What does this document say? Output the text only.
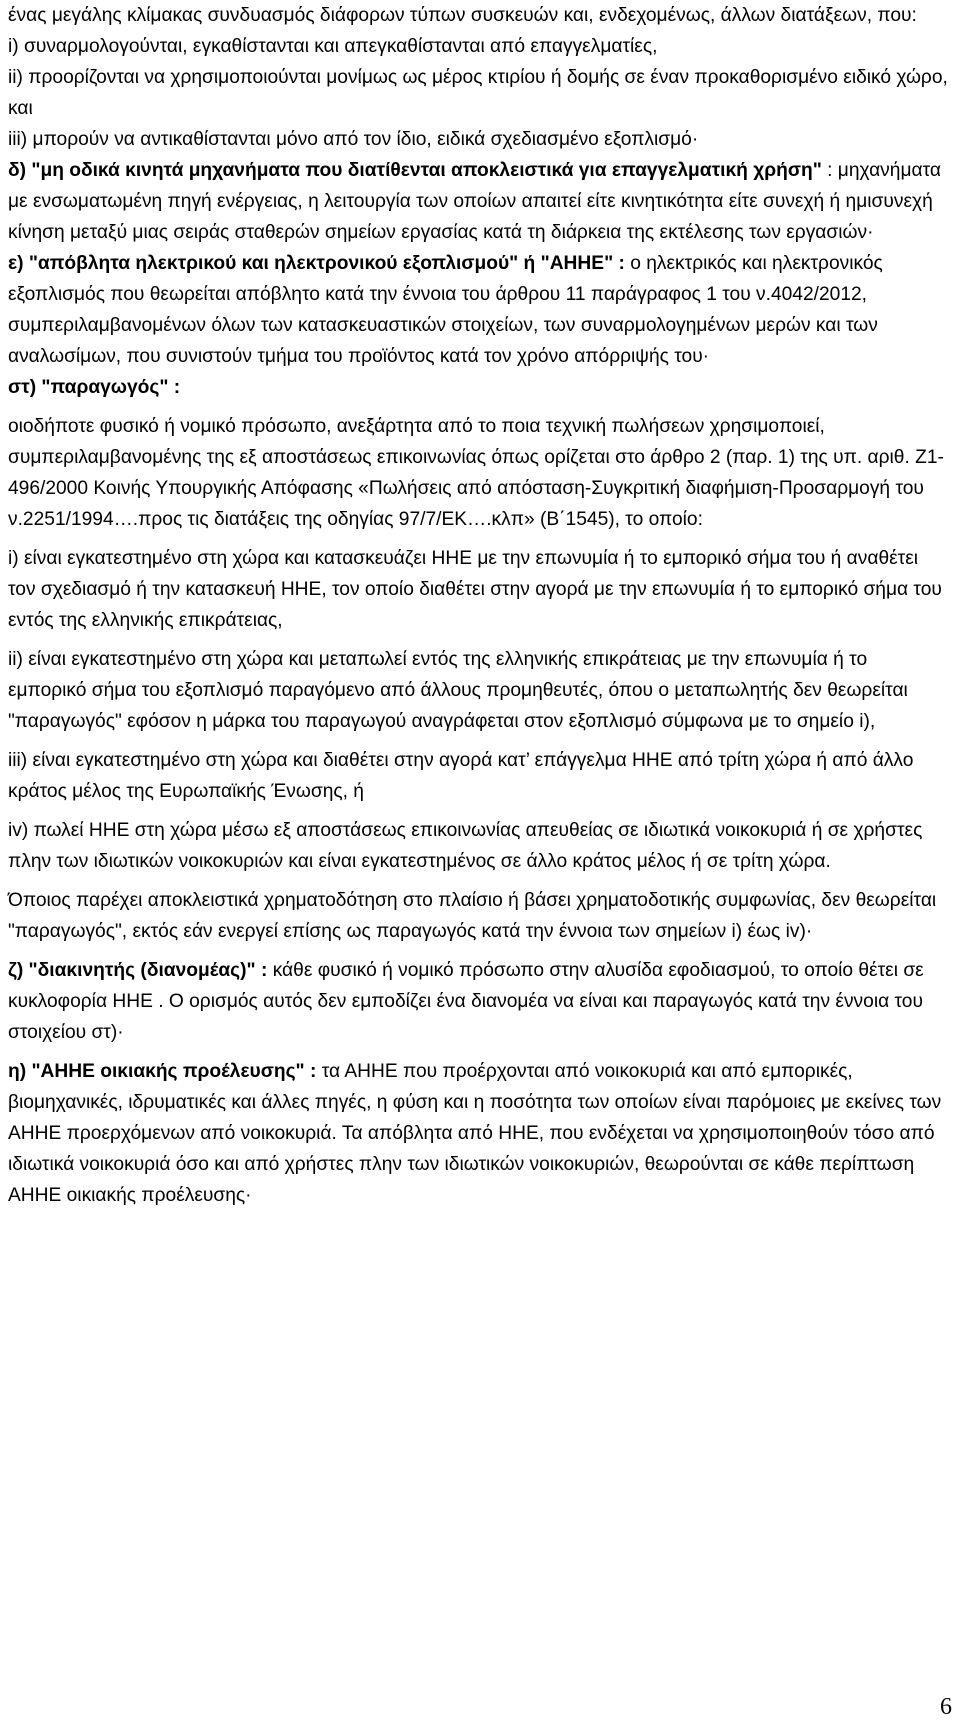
ένας μεγάλης κλίμακας συνδυασμός διάφορων τύπων συσκευών και, ενδεχομένως, άλλων διατάξεων, που:

i) συναρμολογούνται, εγκαθίστανται και απεγκαθίστανται από επαγγελματίες,

ii) προορίζονται να χρησιμοποιούνται μονίμως ως μέρος κτιρίου ή δομής σε έναν προκαθορισμένο ειδικό χώρο, και

iii) μπορούν να αντικαθίστανται μόνο από τον ίδιο, ειδικά σχεδιασμένο εξοπλισμό·

δ) "μη οδικά κινητά μηχανήματα που διατίθενται αποκλειστικά για επαγγελματική χρήση" : μηχανήματα με ενσωματωμένη πηγή ενέργειας, η λειτουργία των οποίων απαιτεί είτε κινητικότητα είτε συνεχή ή ημισυνεχή κίνηση μεταξύ μιας σειράς σταθερών σημείων εργασίας κατά τη διάρκεια της εκτέλεσης των εργασιών·

ε) "απόβλητα ηλεκτρικού και ηλεκτρονικού εξοπλισμού" ή "ΑΗΗΕ" : ο ηλεκτρικός και ηλεκτρονικός εξοπλισμός που θεωρείται απόβλητο κατά την έννοια του άρθρου 11 παράγραφος 1 του ν.4042/2012, συμπεριλαμβανομένων όλων των κατασκευαστικών στοιχείων, των συναρμολογημένων μερών και των αναλωσίμων, που συνιστούν τμήμα του προϊόντος κατά τον χρόνο απόρριψής του·

στ) "παραγωγός" :

οιοδήποτε φυσικό ή νομικό πρόσωπο, ανεξάρτητα από το ποια τεχνική πωλήσεων χρησιμοποιεί, συμπεριλαμβανομένης της εξ αποστάσεως επικοινωνίας όπως ορίζεται στο άρθρο 2 (παρ. 1) της υπ. αριθ. Ζ1-496/2000 Κοινής Υπουργικής Απόφασης «Πωλήσεις από απόσταση-Συγκριτική διαφήμιση-Προσαρμογή του ν.2251/1994….προς τις διατάξεις της οδηγίας 97/7/ΕΚ….κλπ» (Β΄1545), το οποίο:

i) είναι εγκατεστημένο στη χώρα και κατασκευάζει ΗΗΕ με την επωνυμία ή το εμπορικό σήμα του ή αναθέτει τον σχεδιασμό ή την κατασκευή ΗΗΕ, τον οποίο διαθέτει στην αγορά με την επωνυμία ή το εμπορικό σήμα του εντός της ελληνικής επικράτειας,

ii) είναι εγκατεστημένο στη χώρα και μεταπωλεί εντός της ελληνικής επικράτειας με την επωνυμία ή το εμπορικό σήμα του εξοπλισμό παραγόμενο από άλλους προμηθευτές, όπου ο μεταπωλητής δεν θεωρείται "παραγωγός" εφόσον η μάρκα του παραγωγού αναγράφεται στον εξοπλισμό σύμφωνα με το σημείο i),

iii) είναι εγκατεστημένο στη χώρα και διαθέτει στην αγορά κατ’ επάγγελμα ΗΗΕ από τρίτη χώρα ή από άλλο κράτος μέλος της Ευρωπαϊκής Ένωσης, ή

iv) πωλεί ΗΗΕ στη χώρα μέσω εξ αποστάσεως επικοινωνίας απευθείας σε ιδιωτικά νοικοκυριά ή σε χρήστες πλην των ιδιωτικών νοικοκυριών και είναι εγκατεστημένος σε άλλο κράτος μέλος ή σε τρίτη χώρα.

Όποιος παρέχει αποκλειστικά χρηματοδότηση στο πλαίσιο ή βάσει χρηματοδοτικής συμφωνίας, δεν θεωρείται "παραγωγός", εκτός εάν ενεργεί επίσης ως παραγωγός κατά την έννοια των σημείων i) έως iv)·

ζ) "διακινητής (διανομέας)" : κάθε φυσικό ή νομικό πρόσωπο στην αλυσίδα εφοδιασμού, το οποίο θέτει σε κυκλοφορία ΗΗΕ . Ο ορισμός αυτός δεν εμποδίζει ένα διανομέα να είναι και παραγωγός κατά την έννοια του στοιχείου στ)·

η) "ΑΗΗΕ οικιακής προέλευσης" : τα ΑΗΗΕ που προέρχονται από νοικοκυριά και από εμπορικές, βιομηχανικές, ιδρυματικές και άλλες πηγές, η φύση και η ποσότητα των οποίων είναι παρόμοιες με εκείνες των ΑΗΗΕ προερχόμενων από νοικοκυριά. Τα απόβλητα από ΗΗΕ, που ενδέχεται να χρησιμοποιηθούν τόσο από ιδιωτικά νοικοκυριά όσο και από χρήστες πλην των ιδιωτικών νοικοκυριών, θεωρούνται σε κάθε περίπτωση ΑΗΗΕ οικιακής προέλευσης·

6
